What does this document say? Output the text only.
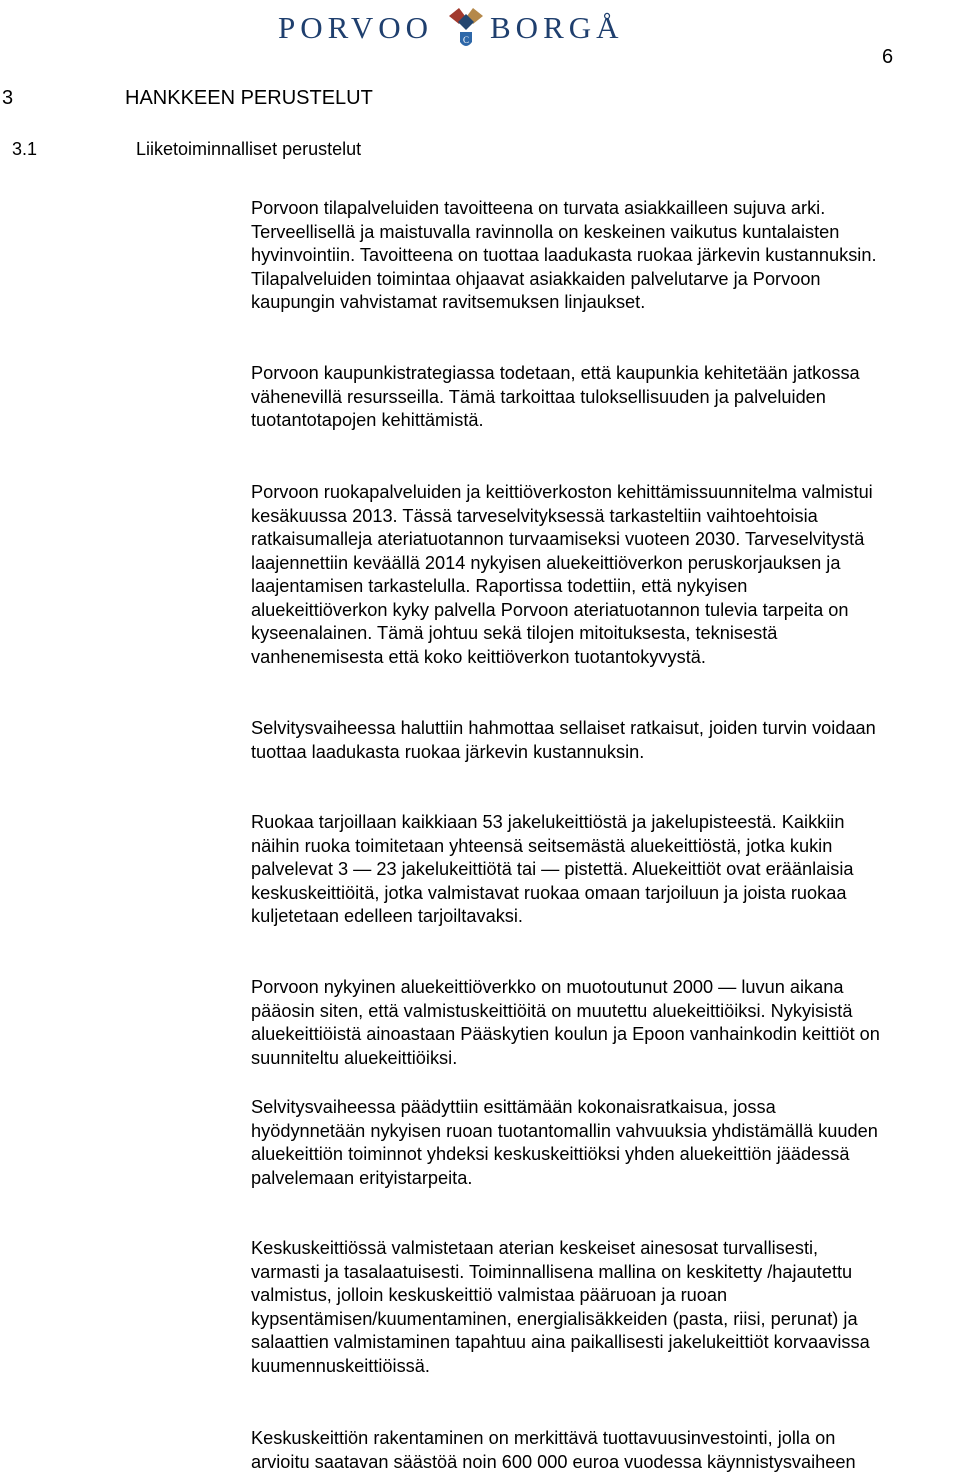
PORVOO	C BORGÅ
6
3	HANKKEEN PERUSTELUT
3.1	Liiketoiminnalliset perustelut

Porvoon tilapalveluiden tavoitteena on turvata asiakkailleen sujuva arki.

Terveellisellä ja maistuvalla ravinnolla on keskeinen vaikutus kuntalaisten

hyvinvointiin. Tavoitteena on tuottaa laadukasta ruokaa järkevin kustannuksin.

Tilapalveluiden toimintaa ohjaavat asiakkaiden palvelutarve ja Porvoon

kaupungin vahvistamat ravitsemuksen linjaukset.

Porvoon kaupunkistrategiassa todetaan, että kaupunkia kehitetään jatkossa

vähenevillä resursseilla. Tämä tarkoittaa tuloksellisuuden ja palveluiden

tuotantotapojen kehittämistä.

Porvoon ruokapalveluiden ja keittiöverkoston kehittämissuunnitelma valmistui

kesäkuussa 2013. Tässä tarveselvityksessä tarkasteltiin vaihtoehtoisia

ratkaisumalleja ateriatuotannon turvaamiseksi vuoteen 2030. Tarveselvitystä

laajennettiin keväällä 2014 nykyisen aluekeittiöverkon peruskorjauksen ja

laajentamisen tarkastelulla. Raportissa todettiin, että nykyisen

aluekeittiöverkon kyky palvella Porvoon ateriatuotannon tulevia tarpeita on

kyseenalainen. Tämä johtuu sekä tilojen mitoituksesta, teknisestä

vanhenemisesta että koko keittiöverkon tuotantokyvystä.

Selvitysvaiheessa haluttiin hahmottaa sellaiset ratkaisut, joiden turvin voidaan

tuottaa laadukasta ruokaa järkevin kustannuksin.

Ruokaa tarjoillaan kaikkiaan 53 jakelukeittiöstä ja jakelupisteestä. Kaikkiin

näihin ruoka toimitetaan yhteensä seitsemästä aluekeittiöstä, jotka kukin

palvelevat 3 — 23 jakelukeittiötä tai — pistettä. Aluekeittiöt ovat eräänlaisia

keskuskeittiöitä, jotka valmistavat ruokaa omaan tarjoiluun ja joista ruokaa

kuljetetaan edelleen tarjoiltavaksi.

Porvoon nykyinen aluekeittiöverkko on muotoutunut 2000 — luvun aikana

pääosin siten, että valmistuskeittiöitä on muutettu aluekeittiöiksi. Nykyisistä

aluekeittiöistä ainoastaan Pääskytien koulun ja Epoon vanhainkodin keittiöt on

suunniteltu aluekeittiöiksi.

Selvitysvaiheessa päädyttiin esittämään kokonaisratkaisua, jossa

hyödynnetään nykyisen ruoan tuotantomallin vahvuuksia yhdistämällä kuuden

aluekeittiön toiminnot yhdeksi keskuskeittiöksi yhden aluekeittiön jäädessä

palvelemaan erityistarpeita.

Keskuskeittiössä valmistetaan aterian keskeiset ainesosat turvallisesti,

varmasti ja tasalaatuisesti. Toiminnallisena mallina on keskitetty /hajautettu

valmistus, jolloin keskuskeittiö valmistaa pääruoan ja ruoan

kypsentämisen/kuumentaminen, energialisäkkeiden (pasta, riisi, perunat) ja

salaattien valmistaminen tapahtuu aina paikallisesti jakelukeittiöt korvaavissa

kuumennuskeittiöissä.

Keskuskeittiön rakentaminen on merkittävä tuottavuusinvestointi, jolla on

arvioitu saatavan säästöä noin 600 000 euroa vuodessa käynnistysvaiheen
